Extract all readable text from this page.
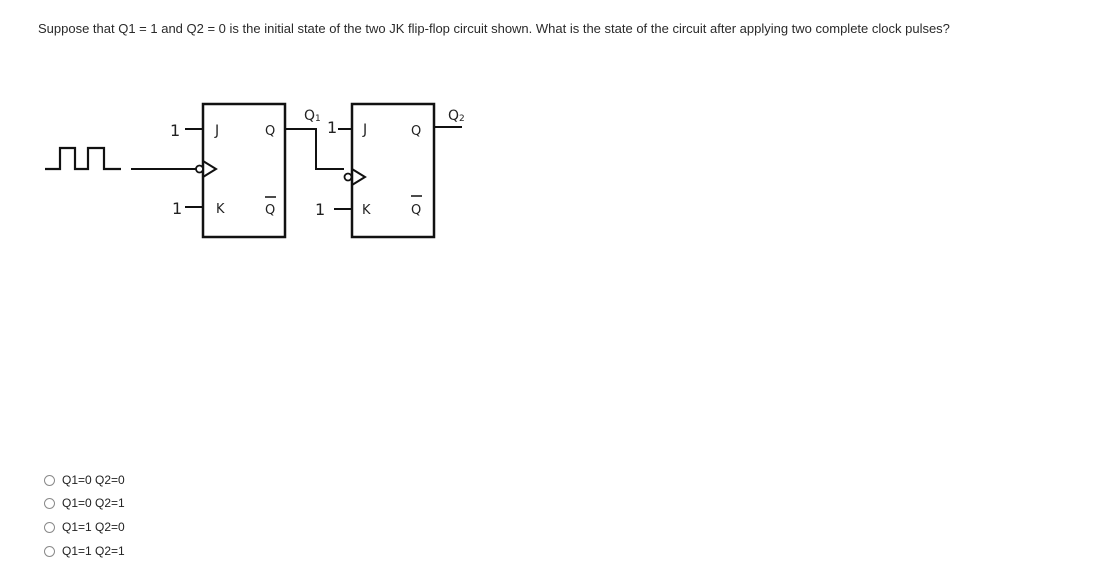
Suppose that Q1 = 1 and Q2 = 0 is the initial state of the two JK flip-flop circuit shown. What is the state of the circuit after applying two complete clock pulses?
1 J
1	K
Q
Q
Q1 1 J
1	K
Q
Q
Q2
Q1=0 Q2=0
Q1=0 Q2=1
Q1=1 Q2=0
Q1=1 Q2=1
